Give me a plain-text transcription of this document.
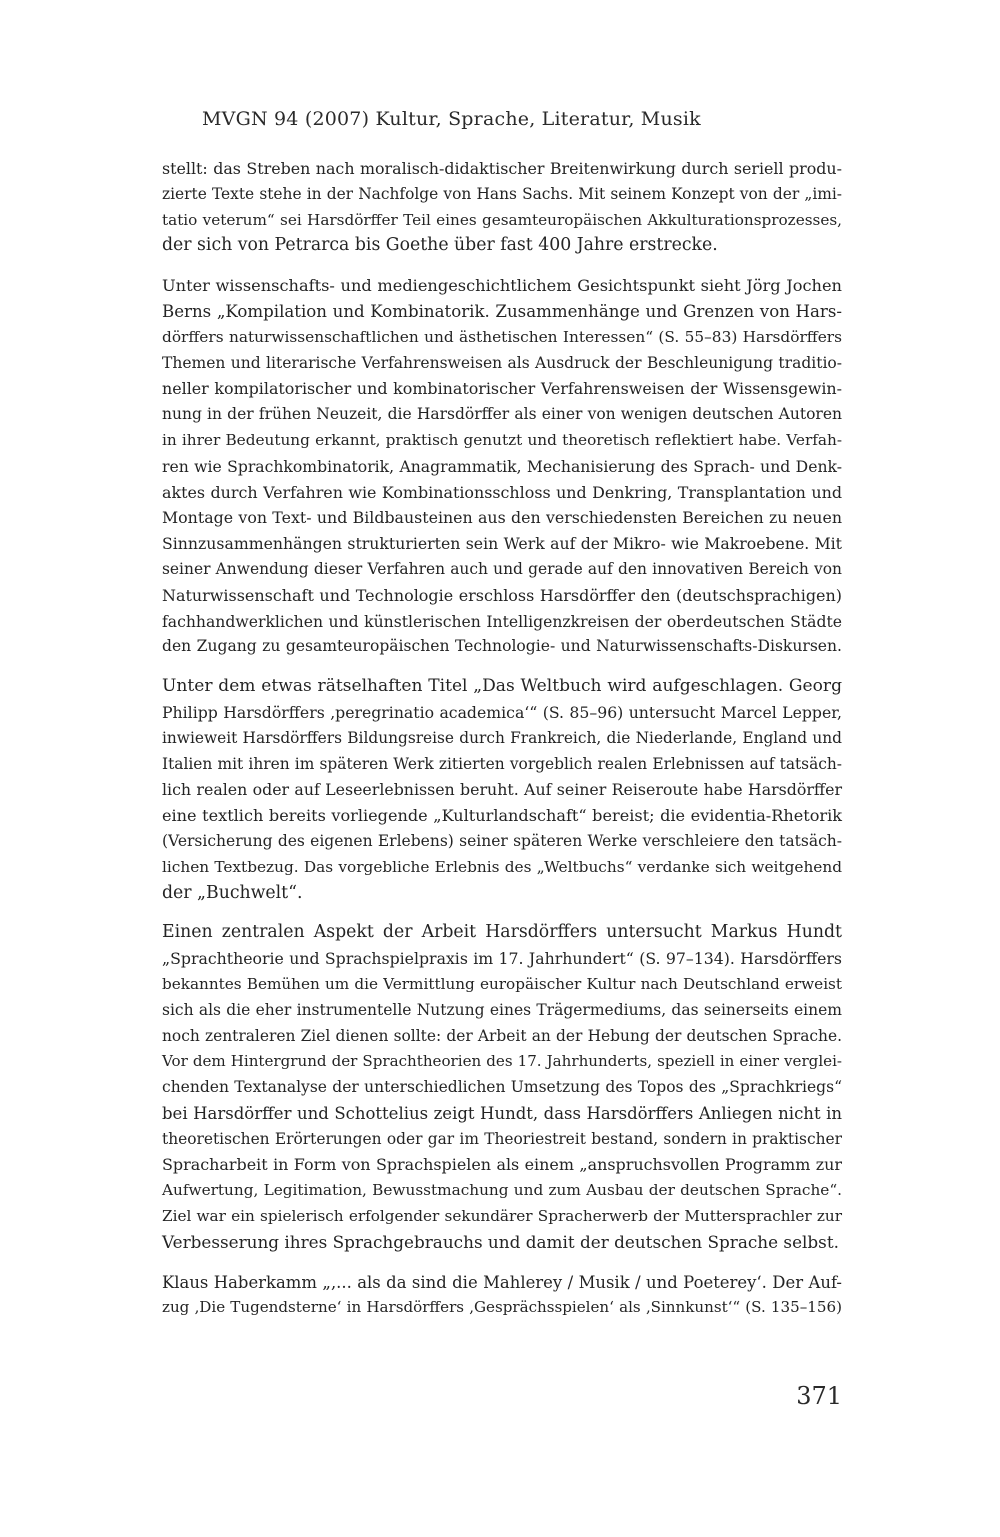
MVGN 94 (2007) Kultur, Sprache, Literatur, Musik

stellt: das Streben nach moralisch-didaktischer Breitenwirkung durch seriell produ-
zierte Texte stehe in der Nachfolge von Hans Sachs. Mit seinem Konzept von der „imi-
tatio veterum“ sei Harsdörffer Teil eines gesamteuropäischen Akkulturationsprozesses,
der sich von Petrarca bis Goethe über fast 400 Jahre erstrecke.

Unter wissenschafts- und mediengeschichtlichem Gesichtspunkt sieht Jörg Jochen
Berns „Kompilation und Kombinatorik. Zusammenhänge und Grenzen von Hars-
dörffers naturwissenschaftlichen und ästhetischen Interessen“ (S. 55–83) Harsdörffers
Themen und literarische Verfahrensweisen als Ausdruck der Beschleunigung traditio-
neller kompilatorischer und kombinatorischer Verfahrensweisen der Wissensgewin-
nung in der frühen Neuzeit, die Harsdörffer als einer von wenigen deutschen Autoren
in ihrer Bedeutung erkannt, praktisch genutzt und theoretisch reflektiert habe. Verfah-
ren wie Sprachkombinatorik, Anagrammatik, Mechanisierung des Sprach- und Denk-
aktes durch Verfahren wie Kombinationsschloss und Denkring, Transplantation und
Montage von Text- und Bildbausteinen aus den verschiedensten Bereichen zu neuen
Sinnzusammenhängen strukturierten sein Werk auf der Mikro- wie Makroebene. Mit
seiner Anwendung dieser Verfahren auch und gerade auf den innovativen Bereich von
Naturwissenschaft und Technologie erschloss Harsdörffer den (deutschsprachigen)
fachhandwerklichen und künstlerischen Intelligenzkreisen der oberdeutschen Städte
den Zugang zu gesamteuropäischen Technologie- und Naturwissenschafts-Diskursen.

Unter dem etwas rätselhaften Titel „Das Weltbuch wird aufgeschlagen. Georg
Philipp Harsdörffers ‚peregrinatio academica‘“ (S. 85–96) untersucht Marcel Lepper,
inwieweit Harsdörffers Bildungsreise durch Frankreich, die Niederlande, England und
Italien mit ihren im späteren Werk zitierten vorgeblich realen Erlebnissen auf tatsäch-
lich realen oder auf Leseerlebnissen beruht. Auf seiner Reiseroute habe Harsdörffer
eine textlich bereits vorliegende „Kulturlandschaft“ bereist; die evidentia-Rhetorik
(Versicherung des eigenen Erlebens) seiner späteren Werke verschleiere den tatsäch-
lichen Textbezug. Das vorgebliche Erlebnis des „Weltbuchs“ verdanke sich weitgehend
der „Buchwelt“.

Einen zentralen Aspekt der Arbeit Harsdörffers untersucht Markus Hundt
„Sprachtheorie und Sprachspielpraxis im 17. Jahrhundert“ (S. 97–134). Harsdörffers
bekanntes Bemühen um die Vermittlung europäischer Kultur nach Deutschland erweist
sich als die eher instrumentelle Nutzung eines Trägermediums, das seinerseits einem
noch zentraleren Ziel dienen sollte: der Arbeit an der Hebung der deutschen Sprache.
Vor dem Hintergrund der Sprachtheorien des 17. Jahrhunderts, speziell in einer verglei-
chenden Textanalyse der unterschiedlichen Umsetzung des Topos des „Sprachkriegs“
bei Harsdörffer und Schottelius zeigt Hundt, dass Harsdörffers Anliegen nicht in
theoretischen Erörterungen oder gar im Theoriestreit bestand, sondern in praktischer
Spracharbeit in Form von Sprachspielen als einem „anspruchsvollen Programm zur
Aufwertung, Legitimation, Bewusstmachung und zum Ausbau der deutschen Sprache“.
Ziel war ein spielerisch erfolgender sekundärer Spracherwerb der Muttersprachler zur
Verbesserung ihres Sprachgebrauchs und damit der deutschen Sprache selbst.

Klaus Haberkamm „‚... als da sind die Mahlerey / Musik / und Poeterey‘. Der Auf-
zug ‚Die Tugendsterne‘ in Harsdörffers ‚Gesprächsspielen‘ als ‚Sinnkunst‘“ (S. 135–156)

371
